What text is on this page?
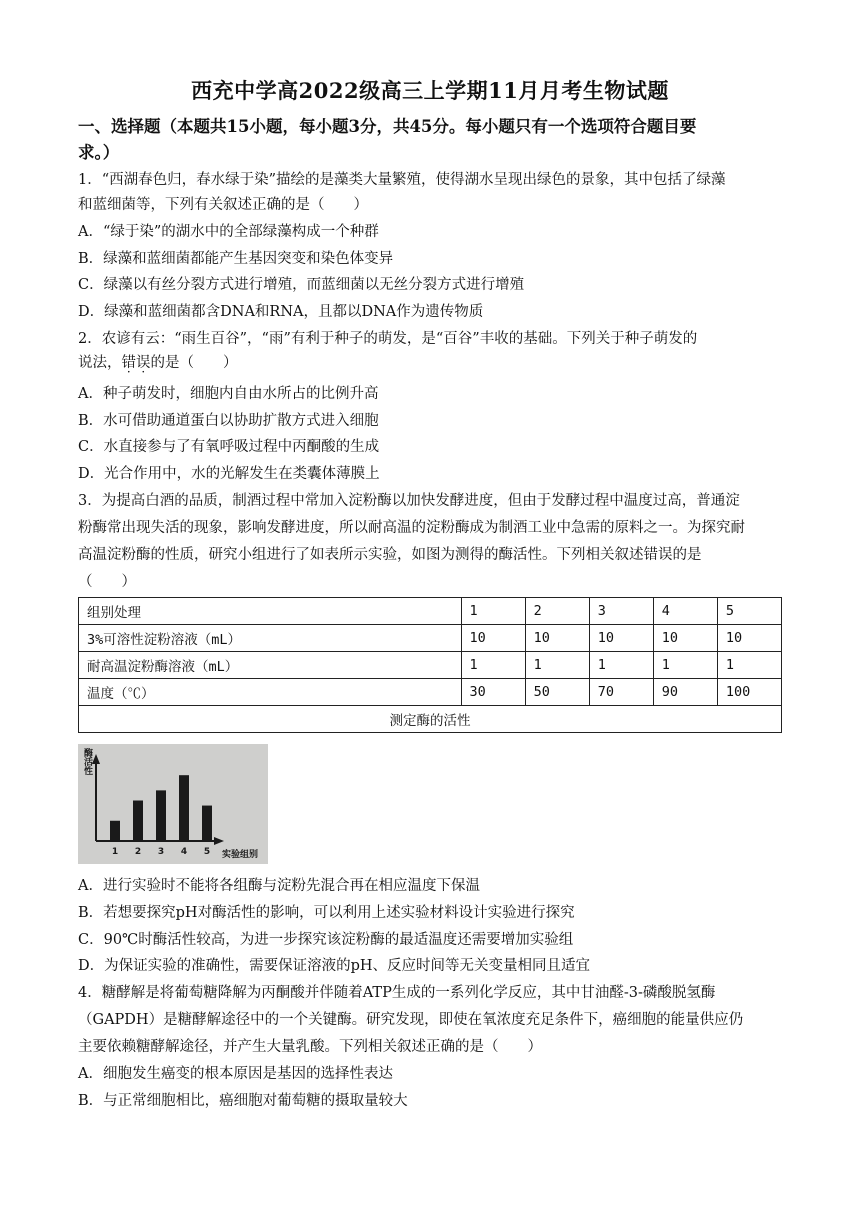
西充中学高2022级高三上学期11月月考生物试题
一、选择题（本题共15小题，每小题3分，共45分。每小题只有一个选项符合题目要
求。）
1．“西湖春色归，春水绿于染”描绘的是藻类大量繁殖，使得湖水呈现出绿色的景象，其中包括了绿藻
和蓝细菌等，下列有关叙述正确的是（　　）
A．“绿于染”的湖水中的全部绿藻构成一个种群
B．绿藻和蓝细菌都能产生基因突变和染色体变异
C．绿藻以有丝分裂方式进行增殖，而蓝细菌以无丝分裂方式进行增殖
D．绿藻和蓝细菌都含DNA和RNA，且都以DNA作为遗传物质
2．农谚有云：“雨生百谷”，“雨”有利于种子的萌发，是“百谷”丰收的基础。下列关于种子萌发的
说法，错误的是（　　）
A．种子萌发时，细胞内自由水所占的比例升高
B．水可借助通道蛋白以协助扩散方式进入细胞
C．水直接参与了有氧呼吸过程中丙酮酸的生成
D．光合作用中，水的光解发生在类囊体薄膜上
3．为提高白酒的品质，制酒过程中常加入淀粉酶以加快发酵进度，但由于发酵过程中温度过高，普通淀
粉酶常出现失活的现象，影响发酵进度，所以耐高温的淀粉酶成为制酒工业中急需的原料之一。为探究耐
高温淀粉酶的性质，研究小组进行了如表所示实验，如图为测得的酶活性。下列相关叙述错误的是
（　　）
组别处理	1	2	3	4	5
3%可溶性淀粉溶液（mL）	10	10	10	10	10
耐高温淀粉酶溶液（mL）	1	1	1	1	1
温度（℃）	30	50	70	90	100
测定酶的活性					
酶活性
实验组别
1 2 3 4 5
A．进行实验时不能将各组酶与淀粉先混合再在相应温度下保温
B．若想要探究pH对酶活性的影响，可以利用上述实验材料设计实验进行探究
C．90℃时酶活性较高，为进一步探究该淀粉酶的最适温度还需要增加实验组
D．为保证实验的准确性，需要保证溶液的pH、反应时间等无关变量相同且适宜
4．糖酵解是将葡萄糖降解为丙酮酸并伴随着ATP生成的一系列化学反应，其中甘油醛-3-磷酸脱氢酶
（GAPDH）是糖酵解途径中的一个关键酶。研究发现，即使在氧浓度充足条件下，癌细胞的能量供应仍
主要依赖糖酵解途径，并产生大量乳酸。下列相关叙述正确的是（　　）
A．细胞发生癌变的根本原因是基因的选择性表达
B．与正常细胞相比，癌细胞对葡萄糖的摄取量较大
